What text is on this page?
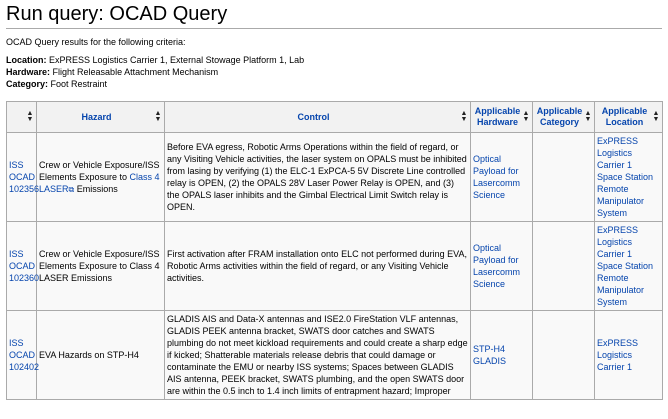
Run query: OCAD Query
OCAD Query results for the following criteria:

Location: ExPRESS Logistics Carrier 1, External Stowage Platform 1, Lab

Hardware: Flight Releasable Attachment Mechanism

Category: Foot Restraint

▲
▼	Hazard ▲
▼	Control ▲
▼	Applicable Hardware
▲
▼	Applicable Category
▲
▼	Applicable Location
▲
▼

ISS OCAD 102356	Crew or Vehicle Exposure/ISS Elements Exposure to Class 4 LASER⧉ Emissions	Before EVA egress, Robotic Arms Operations within the field of regard, or any Visiting Vehicle activities, the laser system on OPALS must be inhibited from lasing by verifying (1) the ELC-1 ExPCA-5 5V Discrete Line controlled relay is OPEN, (2) the OPALS 28V Laser Power Relay is OPEN, and (3) the OPALS laser inhibits and the Gimbal Electrical Limit Switch relay is OPEN.	Optical Payload for Lasercomm Science		ExPRESS Logistics Carrier 1 Space Station Remote Manipulator System
ISS OCAD 102360	Crew or Vehicle Exposure/ISS Elements Exposure to Class 4 LASER Emissions	First activation after FRAM installation onto ELC not performed during EVA, Robotic Arms activities within the field of regard, or any Visiting Vehicle activities.	Optical Payload for Lasercomm Science		ExPRESS Logistics Carrier 1 Space Station Remote Manipulator System
ISS OCAD 102402	EVA Hazards on STP-H4	GLADIS AIS and Data-X antennas and ISE2.0 FireStation VLF antennas, GLADIS PEEK antenna bracket, SWATS door catches and SWATS plumbing do not meet kickload requirements and could create a sharp edge if kicked; Shatterable materials release debris that could damage or contaminate the EMU or nearby ISS systems; Spaces between GLADIS AIS antenna, PEEK bracket, SWATS plumbing, and the open SWATS door are within the 0.5 inch to 1.4 inch limits of entrapment hazard; Improper	STP-H4 GLADIS		ExPRESS Logistics Carrier 1
